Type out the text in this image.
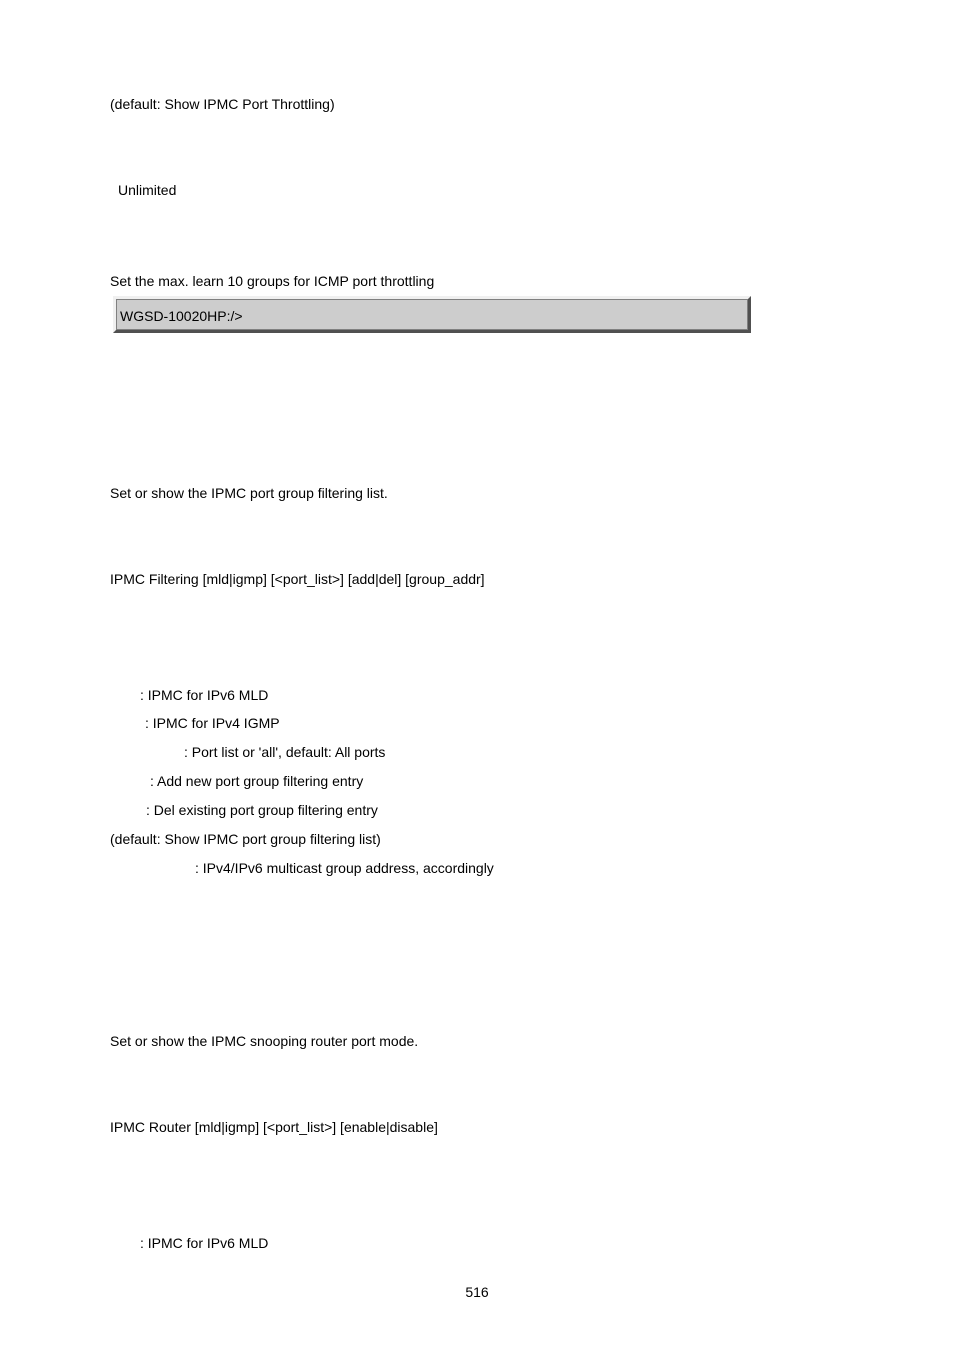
(default: Show IPMC Port Throttling)
Unlimited
Set the max. learn 10 groups for ICMP port throttling
WGSD-10020HP:/>
Set or show the IPMC port group filtering list.
IPMC Filtering [mld|igmp] [<port_list>] [add|del] [group_addr]
: IPMC for IPv6 MLD
: IPMC for IPv4 IGMP
: Port list or 'all', default: All ports
: Add new port group filtering entry
: Del existing port group filtering entry
(default: Show IPMC port group filtering list)
: IPv4/IPv6 multicast group address, accordingly
Set or show the IPMC snooping router port mode.
IPMC Router [mld|igmp] [<port_list>] [enable|disable]
: IPMC for IPv6 MLD
516
